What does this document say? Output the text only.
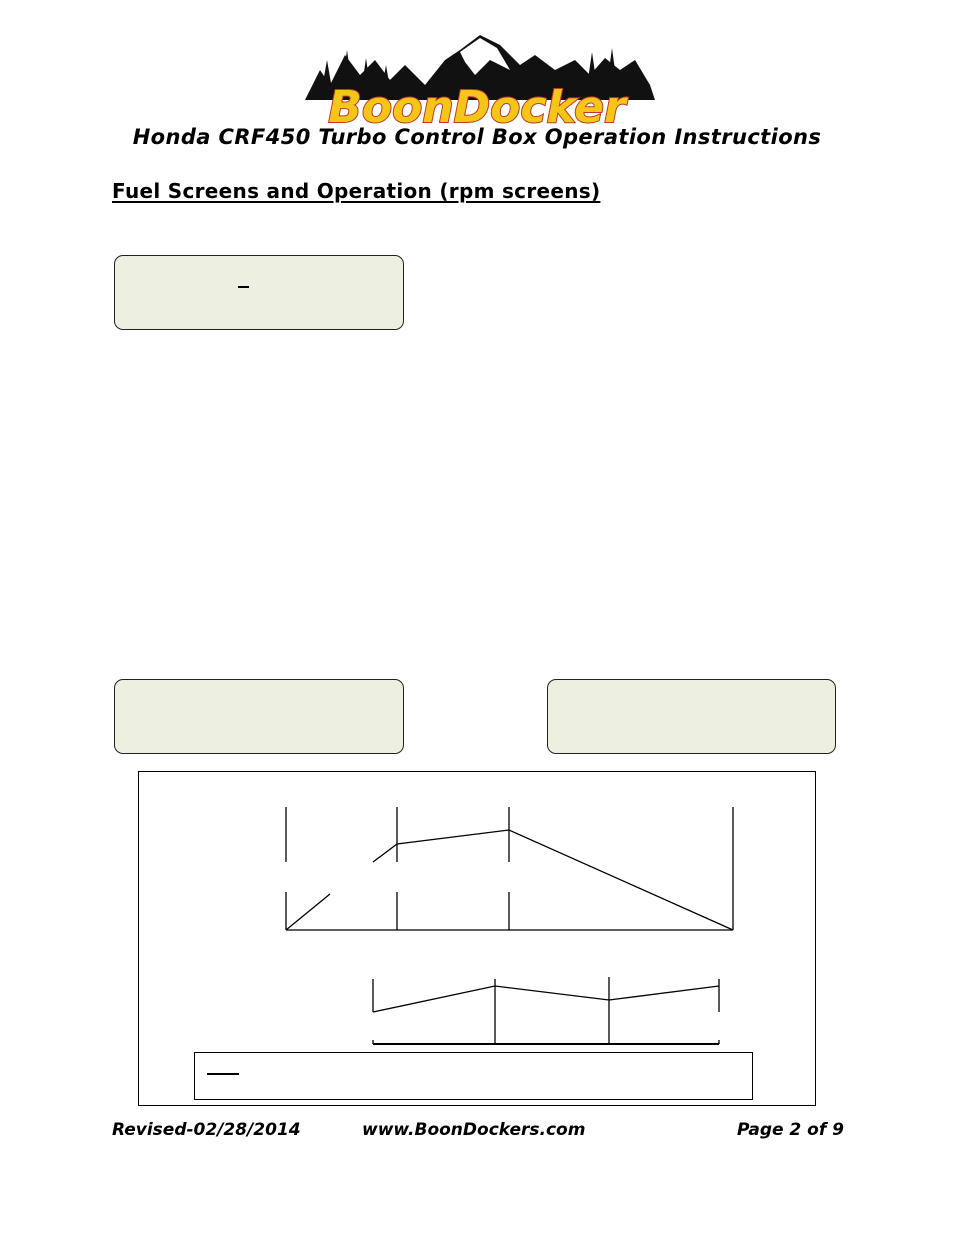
BoonDocker
Honda CRF450 Turbo Control Box Operation Instructions
Fuel Screens and Operation (rpm screens)
Revised-02/28/2014	www.BoonDockers.com	Page 2 of 9
